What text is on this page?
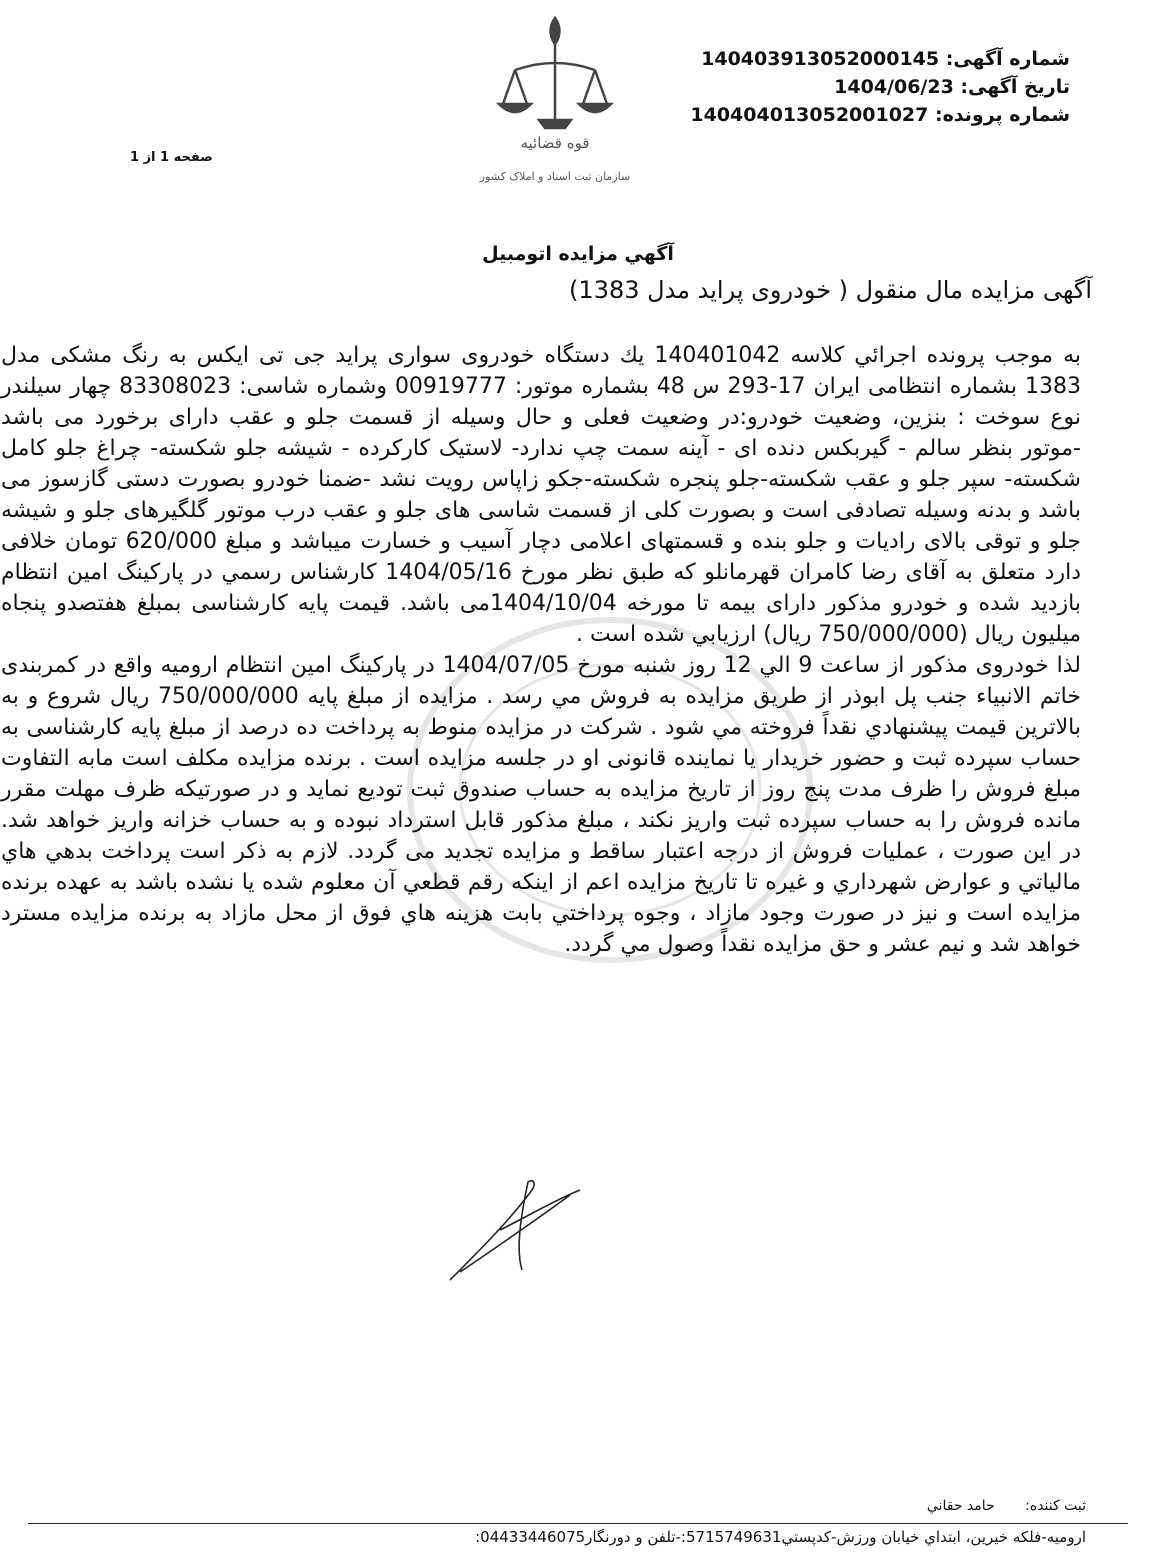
شماره آگهی: 140403913052000145
تاریخ آگهی: 1404/06/23
شماره پرونده: 140404013052001027
قوه قضائیه
سازمان ثبت اسناد و املاک کشور
صفحه 1 از 1
آگهي مزايده اتومبيل
آگهی مزایده مال منقول ( خودروی پراید مدل 1383)

به موجب پرونده اجرائي كلاسه 140401042 يك دستگاه خودروی سواری پراید جی تی ایکس به رنگ مشکی مدل 1383 بشماره انتظامی ایران 17-293 س 48 بشماره موتور: 00919777 وشماره شاسی: 83308023 چهار سیلندر نوع سوخت : بنزین، وضعیت خودرو:در وضعیت فعلی و حال وسیله از قسمت جلو و عقب دارای برخورد می باشد -موتور بنظر سالم - گیربکس دنده ای - آینه سمت چپ ندارد- لاستیک کارکرده - شیشه جلو شکسته- چراغ جلو کامل شکسته- سپر جلو و عقب شکسته-جلو پنجره شکسته-جکو زاپاس رویت نشد -ضمنا خودرو بصورت دستی گازسوز می باشد و بدنه وسیله تصادفی است و بصورت کلی از قسمت شاسی های جلو و عقب درب موتور گلگیرهای جلو و شیشه جلو و توقی بالای رادیات و جلو بنده و قسمتهای اعلامی دچار آسیب و خسارت میباشد و مبلغ 620/000 تومان خلافی دارد متعلق به آقای رضا کامران قهرمانلو که طبق نظر مورخ 1404/05/16 کارشناس رسمي در پارکینگ امین انتظام بازدید شده و خودرو مذکور دارای بیمه تا مورخه 1404/10/04می باشد. قیمت پایه کارشناسی بمبلغ هفتصدو پنجاه میلیون ریال (750/000/000 ریال) ارزيابي شده است .

لذا خودروی مذکور از ساعت 9 الي 12 روز شنبه مورخ 1404/07/05 در پارکینگ امین انتظام ارومیه واقع در کمربندی خاتم الانبیاء جنب پل ابوذر از طريق مزايده به فروش مي رسد . مزايده از مبلغ پايه 750/000/000 ريال شروع و به بالاترين قيمت پيشنهادي نقداً فروخته مي شود . شرکت در مزایده منوط به پرداخت ده درصد از مبلغ پایه کارشناسی به حساب سپرده ثبت و حضور خریدار یا نماینده قانونی او در جلسه مزایده است . برنده مزایده مکلف است مابه التفاوت مبلغ فروش را ظرف مدت پنج روز از تاریخ مزایده به حساب صندوق ثبت تودیع نماید و در صورتیکه ظرف مهلت مقرر مانده فروش را به حساب سپرده ثبت واریز نکند ، مبلغ مذکور قابل استرداد نبوده و به حساب خزانه واریز خواهد شد. در این صورت ، عملیات فروش از درجه اعتبار ساقط و مزایده تجدید می گردد. لازم به ذكر است پرداخت بدهي هاي مالياتي و عوارض شهرداري و غيره تا تاريخ مزايده اعم از اينكه رقم قطعي آن معلوم شده يا نشده باشد به عهده برنده مزايده است و نيز در صورت وجود مازاد ، وجوه پرداختي بابت هزينه هاي فوق از محل مازاد به برنده مزايده مسترد خواهد شد و نيم عشر و حق مزايده نقداً وصول مي گردد.

ثبت كننده: حامد حقاني
ارومیه-فلکه خیرین، ابتداي خیابان ورزش-كدپستي5715749631:-تلفن و دورنگار04433446075:
